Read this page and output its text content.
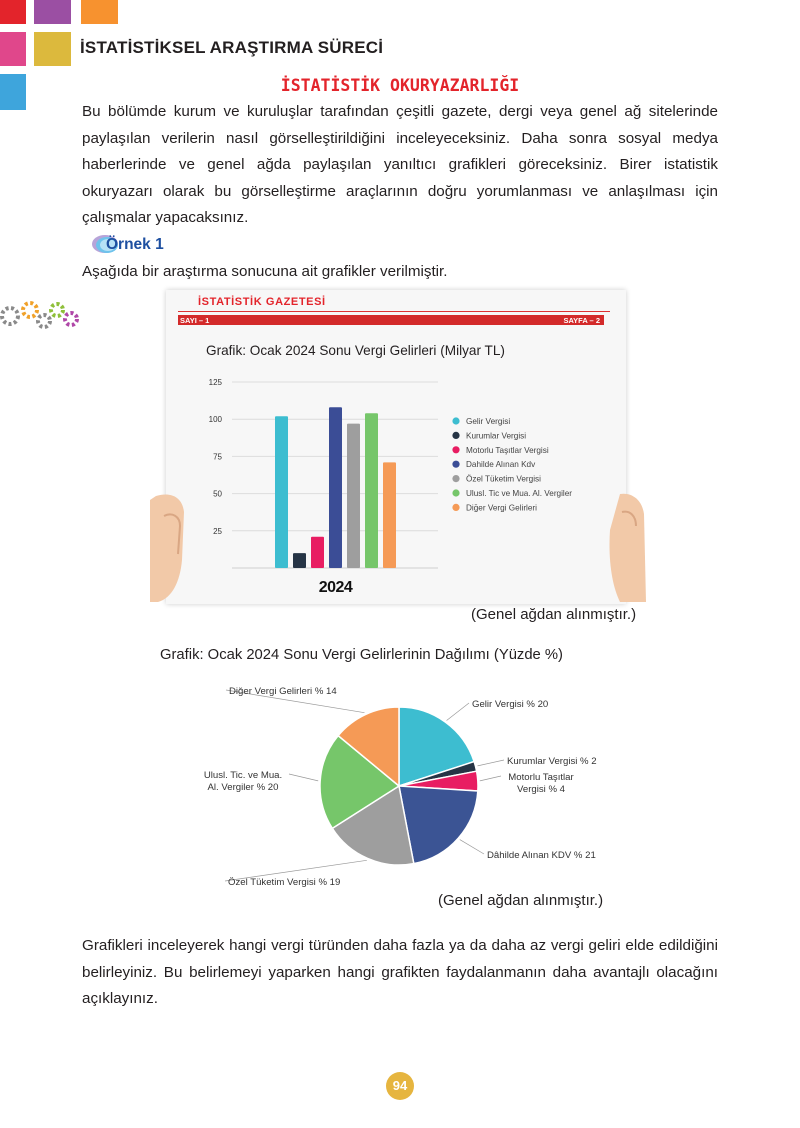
İSTATİSTİKSEL ARAŞTIRMA SÜRECİ
İSTATİSTİK OKURYAZARLIĞI

Bu bölümde kurum ve kuruluşlar tarafından çeşitli gazete, dergi veya genel ağ sitelerinde paylaşılan verilerin nasıl görselleştirildiğini inceleyeceksiniz. Daha sonra sosyal medya haberlerinde ve genel ağda paylaşılan yanıltıcı grafikleri göreceksiniz. Birer istatistik okuryazarı olarak bu görselleştirme araçlarının doğru yorumlanması ve anlaşılması için çalışmalar yapacaksınız.

Örnek 1
Aşağıda bir araştırma sonucuna ait grafikler verilmiştir.
İSTATİSTİK GAZETESİ
SAYI – 1	SAYFA – 2
Grafik: Ocak 2024 Sonu Vergi Gelirleri (Milyar TL)
125
100
75
50
25
2024
Gelir Vergisi
Kurumlar Vergisi
Motorlu Taşıtlar Vergisi
Dahilde Alınan Kdv
Özel Tüketim Vergisi
Ulusl. Tic ve Mua. Al. Vergiler
Diğer Vergi Gelirleri
(Genel ağdan alınmıştır.)
Grafik: Ocak 2024 Sonu Vergi Gelirlerinin Dağılımı (Yüzde %)
Gelir Vergisi % 20
Kurumlar Vergisi % 2
Motorlu Taşıtlar Vergisi % 4
Dâhilde Alınan KDV % 21
Özel Tüketim Vergisi % 19
Ulusl. Tic. ve Mua. Al. Vergiler % 20
Diğer Vergi Gelirleri % 14
(Genel ağdan alınmıştır.)

Grafikleri inceleyerek hangi vergi türünden daha fazla ya da daha az vergi geliri elde edildiğini belirleyiniz. Bu belirlemeyi yaparken hangi grafikten faydalanmanın daha avantajlı olacağını açıklayınız.

94
